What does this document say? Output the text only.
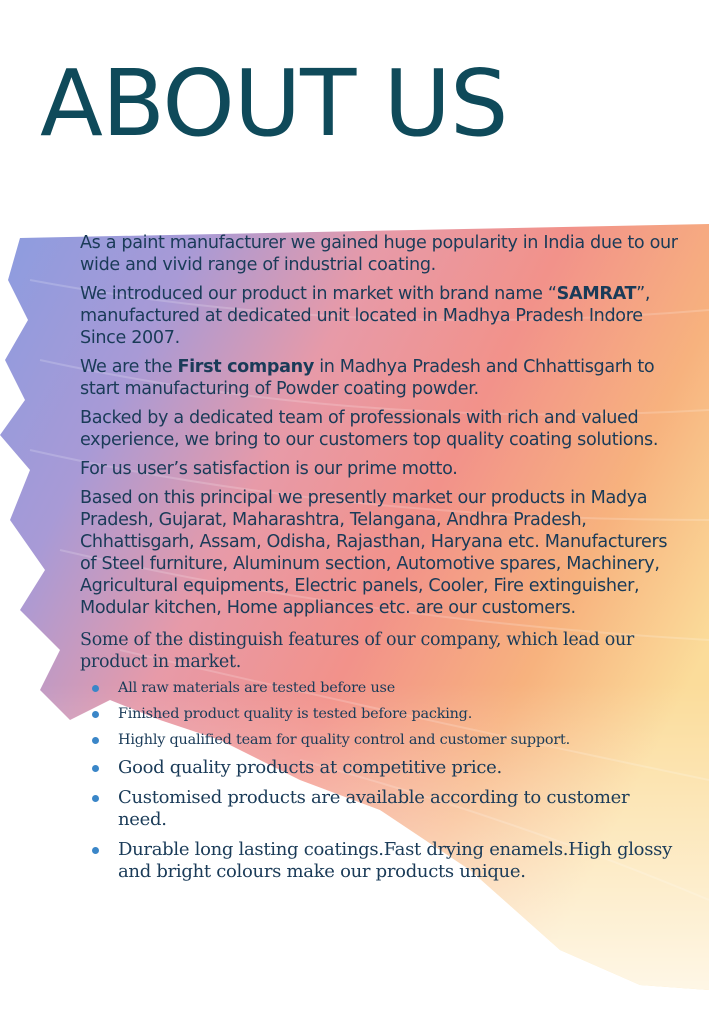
ABOUT US

As a paint manufacturer we gained huge popularity in India due to our wide and vivid range of industrial coating.

We introduced our product in market with brand name “SAMRAT”, manufactured at dedicated unit located in Madhya Pradesh Indore Since 2007.

We are the First company in Madhya Pradesh and Chhattisgarh to start manufacturing of Powder coating powder.

Backed by a dedicated team of professionals with rich and valued experience, we bring to our customers top quality coating solutions.

For us user’s satisfaction is our prime motto.

Based on this principal we presently market our products in Madya Pradesh, Gujarat, Maharashtra, Telangana, Andhra Pradesh, Chhattisgarh, Assam, Odisha, Rajasthan, Haryana etc. Manufacturers of Steel furniture, Aluminum section, Automotive spares, Machinery, Agricultural equipments, Electric panels, Cooler, Fire extinguisher, Modular kitchen, Home appliances etc. are our customers.

Some of the distinguish features of our company, which lead our product in market.

All raw materials are tested before use
Finished product quality is tested before packing.
Highly qualified team for quality control and customer support.
Good quality products at competitive price.
Customised products are available according to customer need.
Durable long lasting coatings.Fast drying enamels.High glossy and bright colours make our products unique.
